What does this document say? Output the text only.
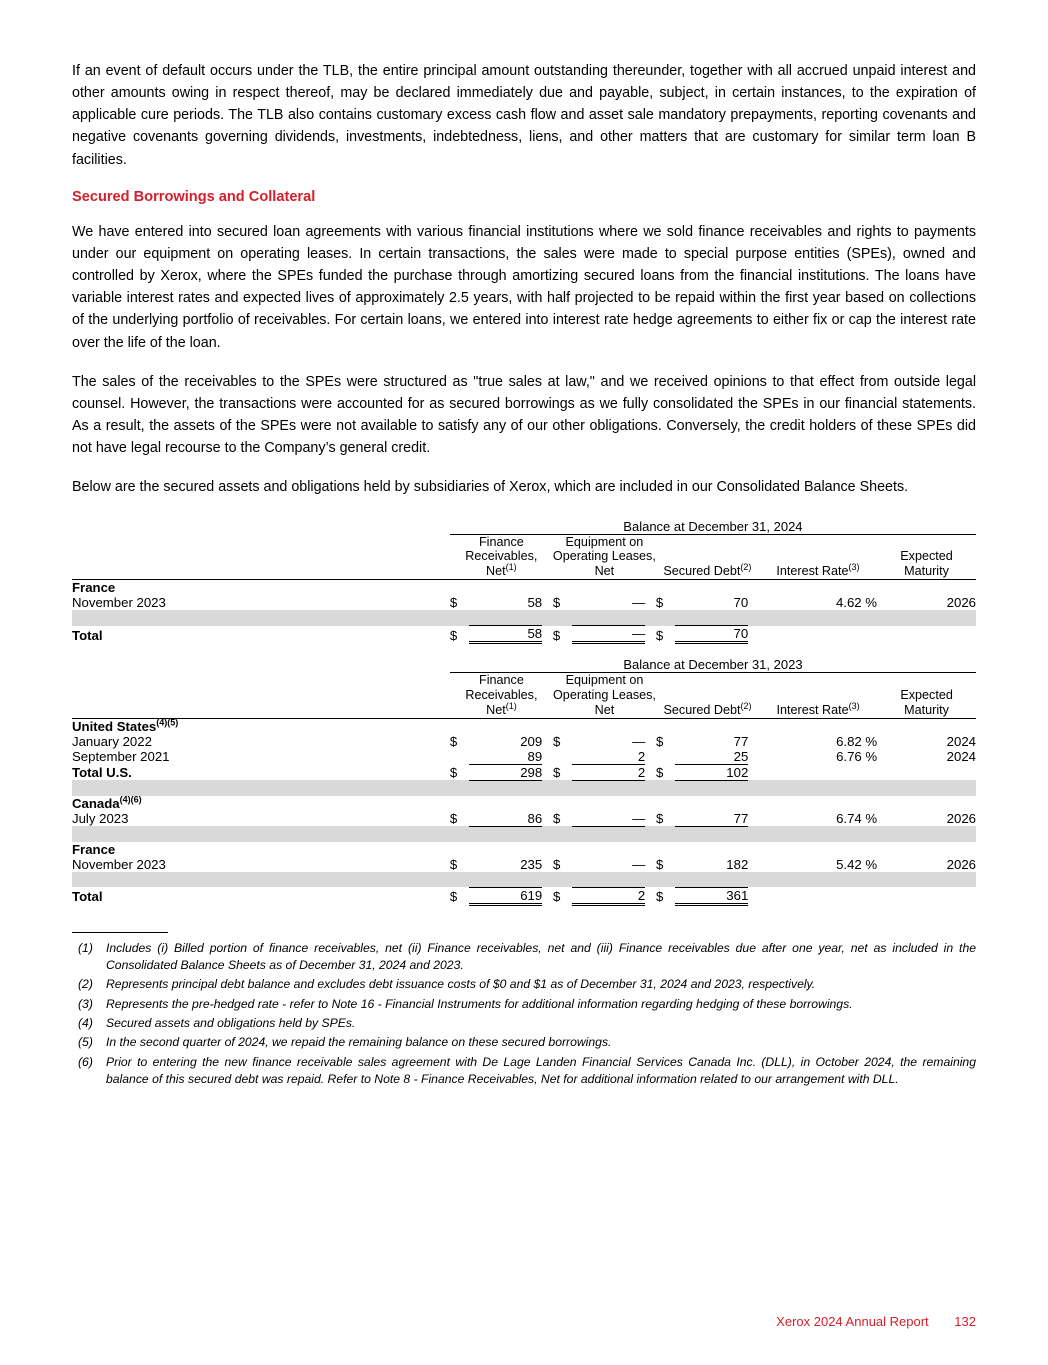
If an event of default occurs under the TLB, the entire principal amount outstanding thereunder, together with all accrued unpaid interest and other amounts owing in respect thereof, may be declared immediately due and payable, subject, in certain instances, to the expiration of applicable cure periods. The TLB also contains customary excess cash flow and asset sale mandatory prepayments, reporting covenants and negative covenants governing dividends, investments, indebtedness, liens, and other matters that are customary for similar term loan B facilities.

Secured Borrowings and Collateral

We have entered into secured loan agreements with various financial institutions where we sold finance receivables and rights to payments under our equipment on operating leases. In certain transactions, the sales were made to special purpose entities (SPEs), owned and controlled by Xerox, where the SPEs funded the purchase through amortizing secured loans from the financial institutions. The loans have variable interest rates and expected lives of approximately 2.5 years, with half projected to be repaid within the first year based on collections of the underlying portfolio of receivables. For certain loans, we entered into interest rate hedge agreements to either fix or cap the interest rate over the life of the loan.

The sales of the receivables to the SPEs were structured as "true sales at law," and we received opinions to that effect from outside legal counsel. However, the transactions were accounted for as secured borrowings as we fully consolidated the SPEs in our financial statements. As a result, the assets of the SPEs were not available to satisfy any of our other obligations. Conversely, the credit holders of these SPEs did not have legal recourse to the Company’s general credit.

Below are the secured assets and obligations held by subsidiaries of Xerox, which are included in our Consolidated Balance Sheets.

	Balance at December 31, 2024										
	Finance Receivables, Net$^{(1)}$			Equipment on Operating Leases, Net			Secured Debt$^{(2)}$			Interest Rate$^{(3)}$	Expected Maturity
France											
November 2023	$	58		$	—		$	70		4.62 %	2026

Total	$	58		$	—		$	70			

	Balance at December 31, 2023										
	Finance Receivables, Net$^{(1)}$			Equipment on Operating Leases, Net			Secured Debt$^{(2)}$			Interest Rate$^{(3)}$	Expected Maturity
United States$^{(4)(5)}$	
January 2022	$	209		$	—		$	77		6.82 %	2024
September 2021		89			2			25		6.76 %	2024
Total U.S.	$	298		$	2		$	102			

Canada$^{(4)(6)}$	
July 2023	$	86		$	—		$	77		6.74 %	2026

France											
November 2023	$	235		$	—		$	182		5.42 %	2026

Total	$	619		$	2		$	361			
(1)	Includes (i) Billed portion of finance receivables, net (ii) Finance receivables, net and (iii) Finance receivables due after one year, net as included in the Consolidated Balance Sheets as of December 31, 2024 and 2023.
(2)	Represents principal debt balance and excludes debt issuance costs of $0 and $1 as of December 31, 2024 and 2023, respectively.
(3)	Represents the pre-hedged rate - refer to Note 16 - Financial Instruments for additional information regarding hedging of these borrowings.
(4)	Secured assets and obligations held by SPEs.
(5)	In the second quarter of 2024, we repaid the remaining balance on these secured borrowings.
(6)	Prior to entering the new finance receivable sales agreement with De Lage Landen Financial Services Canada Inc. (DLL), in October 2024, the remaining balance of this secured debt was repaid. Refer to Note 8 - Finance Receivables, Net for additional information related to our arrangement with DLL.
Xerox 2024 Annual Report 132
